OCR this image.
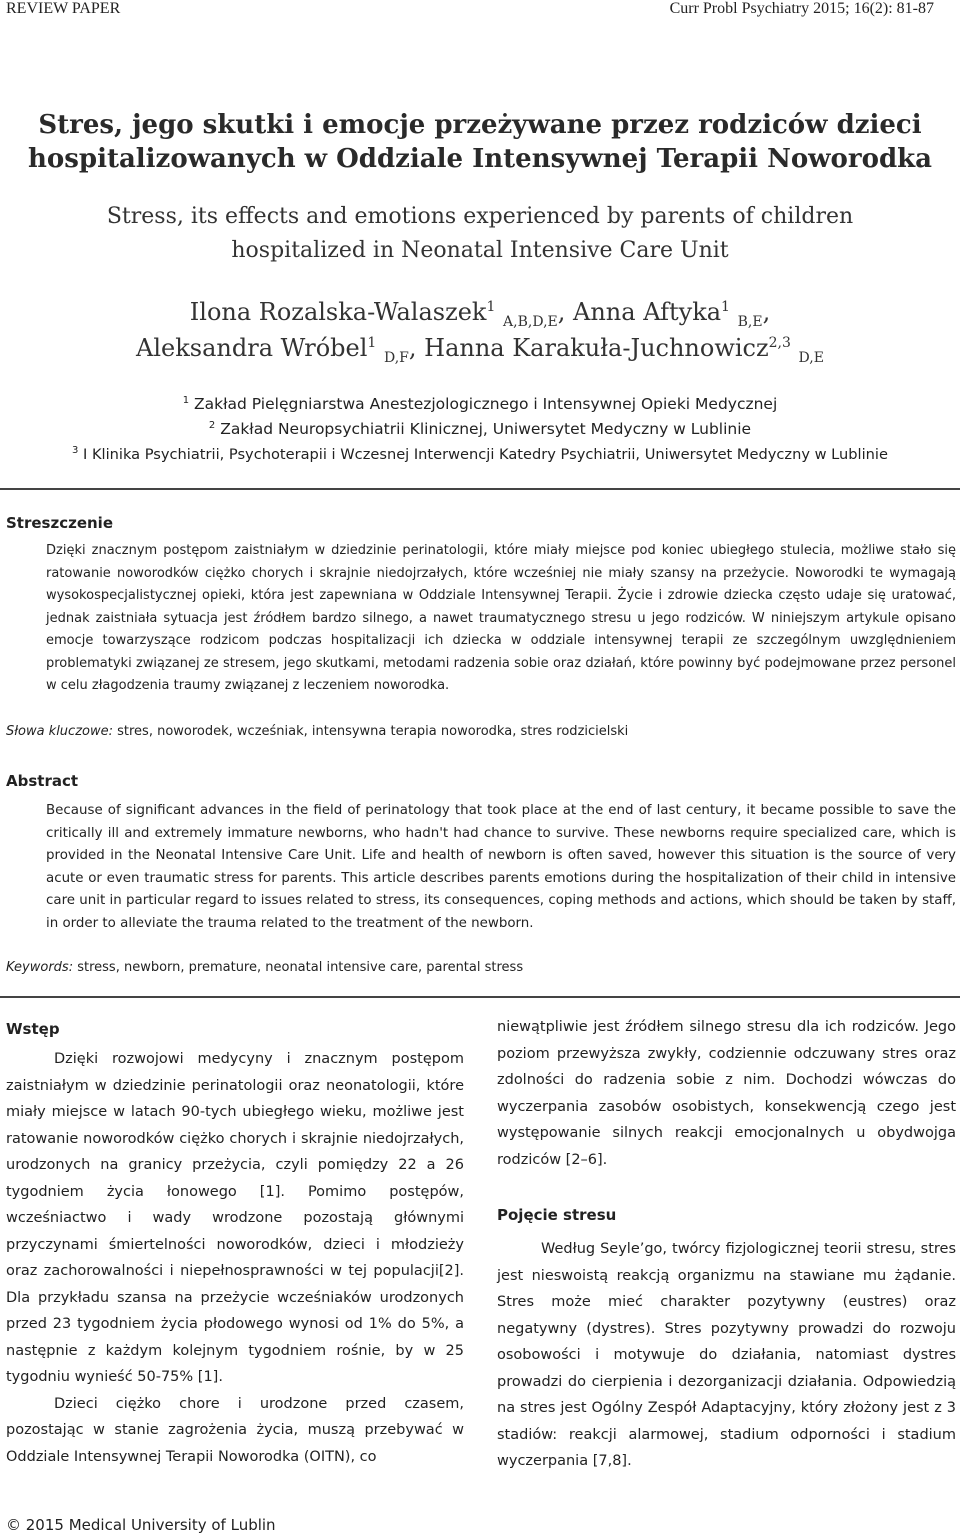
REVIEW PAPER	Curr Probl Psychiatry 2015; 16(2): 81-87
Stres, jego skutki i emocje przeżywane przez rodziców dzieci
hospitalizowanych w Oddziale Intensywnej Terapii Noworodka
Stress, its effects and emotions experienced by parents of children
hospitalized in Neonatal Intensive Care Unit
Ilona Rozalska-Walaszek$^1$ $_{A,B,D,E}$, Anna Aftyka$^1$ $_{B,E}$,
Aleksandra Wróbel$^1$ $_{D,F}$, Hanna Karakuła-Juchnowicz$^{2,3}$ $_{D,E}$
$^1$ Zakład Pielęgniarstwa Anestezjologicznego i Intensywnej Opieki Medycznej
$^2$ Zakład Neuropsychiatrii Klinicznej, Uniwersytet Medyczny w Lublinie
$^3$ I Klinika Psychiatrii, Psychoterapii i Wczesnej Interwencji Katedry Psychiatrii, Uniwersytet Medyczny w Lublinie
Streszczenie
Dzięki znacznym postępom zaistniałym w dziedzinie perinatologii, które miały miejsce pod koniec ubiegłego stulecia, możliwe stało się ratowanie noworodków ciężko chorych i skrajnie niedojrzałych, które wcześniej nie miały szansy na przeżycie. Noworodki te wymagają wysokospecjalistycznej opieki, która jest zapewniana w Oddziale Intensywnej Terapii. Życie i zdrowie dziecka często udaje się uratować, jednak zaistniała sytuacja jest źródłem bardzo silnego, a nawet traumatycznego stresu u jego rodziców. W niniejszym artykule opisano emocje towarzyszące rodzicom podczas hospitalizacji ich dziecka w oddziale intensywnej terapii ze szczególnym uwzględnieniem problematyki związanej ze stresem, jego skutkami, metodami radzenia sobie oraz działań, które powinny być podejmowane przez personel w celu złagodzenia traumy związanej z leczeniem noworodka.
Słowa kluczowe: stres, noworodek, wcześniak, intensywna terapia noworodka, stres rodzicielski
Abstract
Because of significant advances in the field of perinatology that took place at the end of last century, it became possible to save the critically ill and extremely immature newborns, who hadn't had chance to survive. These newborns require specialized care, which is provided in the Neonatal Intensive Care Unit. Life and health of newborn is often saved, however this situation is the source of very acute or even traumatic stress for parents. This article describes parents emotions during the hospitalization of their child in intensive care unit in particular regard to issues related to stress, its consequences, coping methods and actions, which should be taken by staff, in order to alleviate the trauma related to the treatment of the newborn.
Keywords: stress, newborn, premature, neonatal intensive care, parental stress
Wstęp
Dzięki rozwojowi medycyny i znacznym postępom zaistniałym w dziedzinie perinatologii oraz neonatologii, które miały miejsce w latach 90-tych ubiegłego wieku, możliwe jest ratowanie noworodków ciężko chorych i skrajnie niedojrzałych, urodzonych na granicy przeżycia, czyli pomiędzy 22 a 26 tygodniem życia łonowego [1]. Pomimo postępów, wcześniactwo i wady wrodzone pozostają głównymi przyczynami śmiertelności noworodków, dzieci i młodzieży oraz zachorowalności i niepełnosprawności w tej populacji[2]. Dla przykładu szansa na przeżycie wcześniaków urodzonych przed 23 tygodniem życia płodowego wynosi od 1% do 5%, a następnie z każdym kolejnym tygodniem rośnie, by w 25 tygodniu wynieść 50-75% [1].
Dzieci ciężko chore i urodzone przed czasem, pozostając w stanie zagrożenia życia, muszą przebywać w Oddziale Intensywnej Terapii Noworodka (OITN), co
niewątpliwie jest źródłem silnego stresu dla ich rodziców. Jego poziom przewyższa zwykły, codziennie odczuwany stres oraz zdolności do radzenia sobie z nim. Dochodzi wówczas do wyczerpania zasobów osobistych, konsekwencją czego jest występowanie silnych reakcji emocjonalnych u obydwojga rodziców [2–6].
Pojęcie stresu
Według Seyle’go, twórcy fizjologicznej teorii stresu, stres jest nieswoistą reakcją organizmu na stawiane mu żądanie. Stres może mieć charakter pozytywny (eustres) oraz negatywny (dystres). Stres pozytywny prowadzi do rozwoju osobowości i motywuje do działania, natomiast dystres prowadzi do cierpienia i dezorganizacji działania. Odpowiedzią na stres jest Ogólny Zespół Adaptacyjny, który złożony jest z 3 stadiów: reakcji alarmowej, stadium odporności i stadium wyczerpania [7,8].
© 2015 Medical University of Lublin
